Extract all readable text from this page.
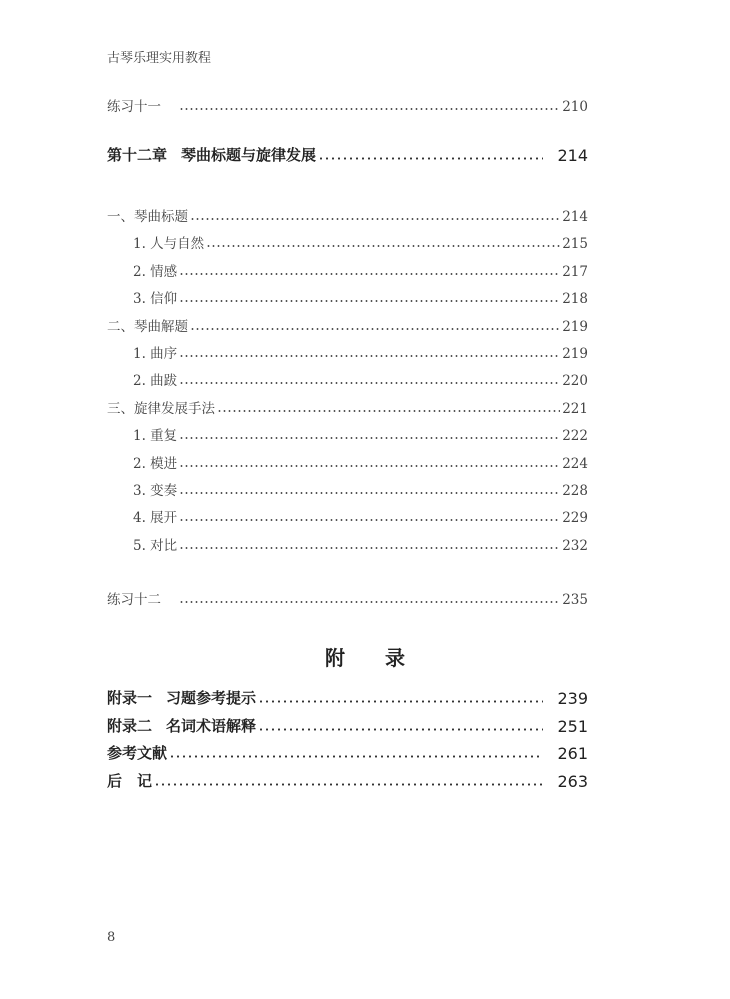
古琴乐理实用教程
练习十一	210
第十二章 琴曲标题与旋律发展	214
一、琴曲标题	214
1. 人与自然	215
2. 情感	217
3. 信仰	218
二、琴曲解题	219
1. 曲序	219
2. 曲跋	220
三、旋律发展手法	221
1. 重复	222
2. 模进	224
3. 变奏	228
4. 展开	229
5. 对比	232
练习十二	235
附录
附录一 习题参考提示	239
附录二 名词术语解释	251
参考文献	261
后　记	263
8
